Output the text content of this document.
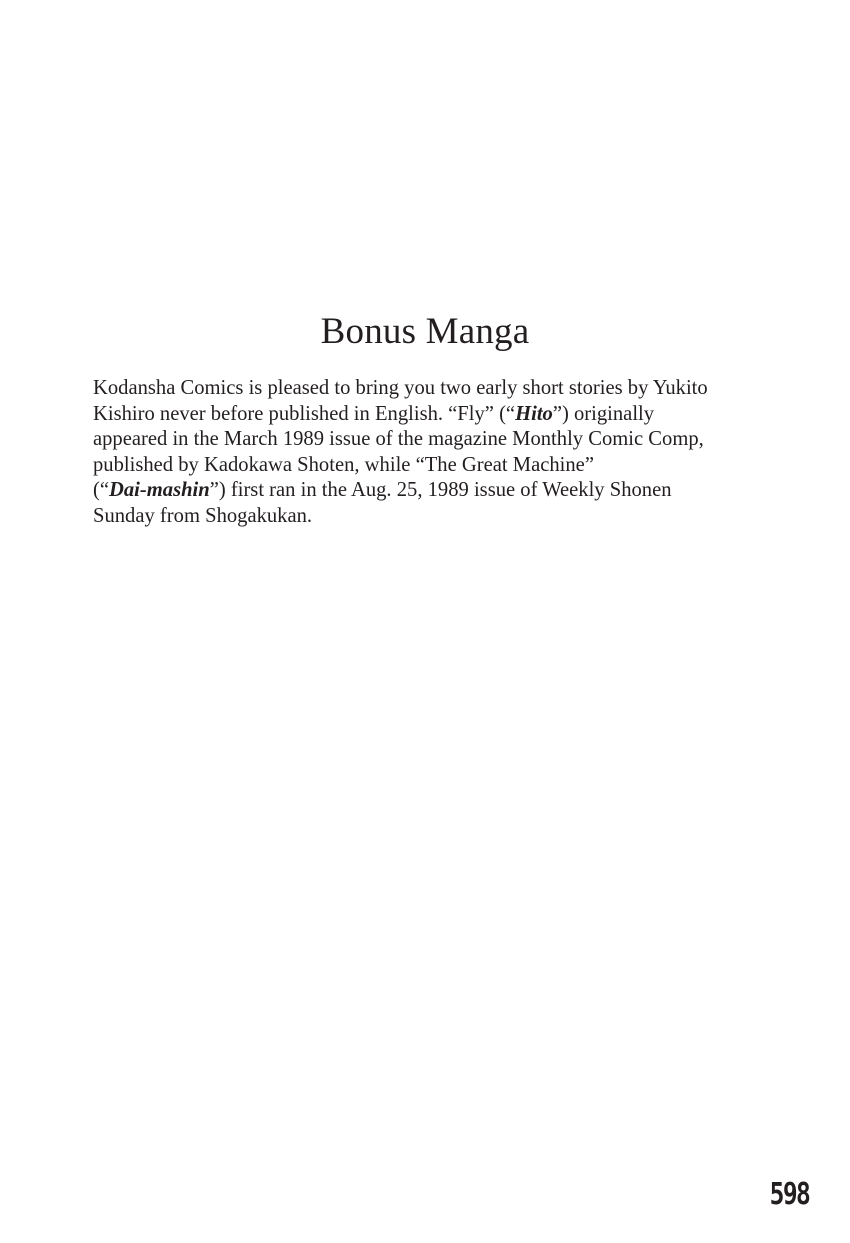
Bonus Manga

Kodansha Comics is pleased to bring you two early short stories by Yukito
Kishiro never before published in English. “Fly” (“Hito”) originally
appeared in the March 1989 issue of the magazine Monthly Comic Comp,
published by Kadokawa Shoten, while “The Great Machine”
(“Dai-mashin”) first ran in the Aug. 25, 1989 issue of Weekly Shonen
Sunday from Shogakukan.

598
